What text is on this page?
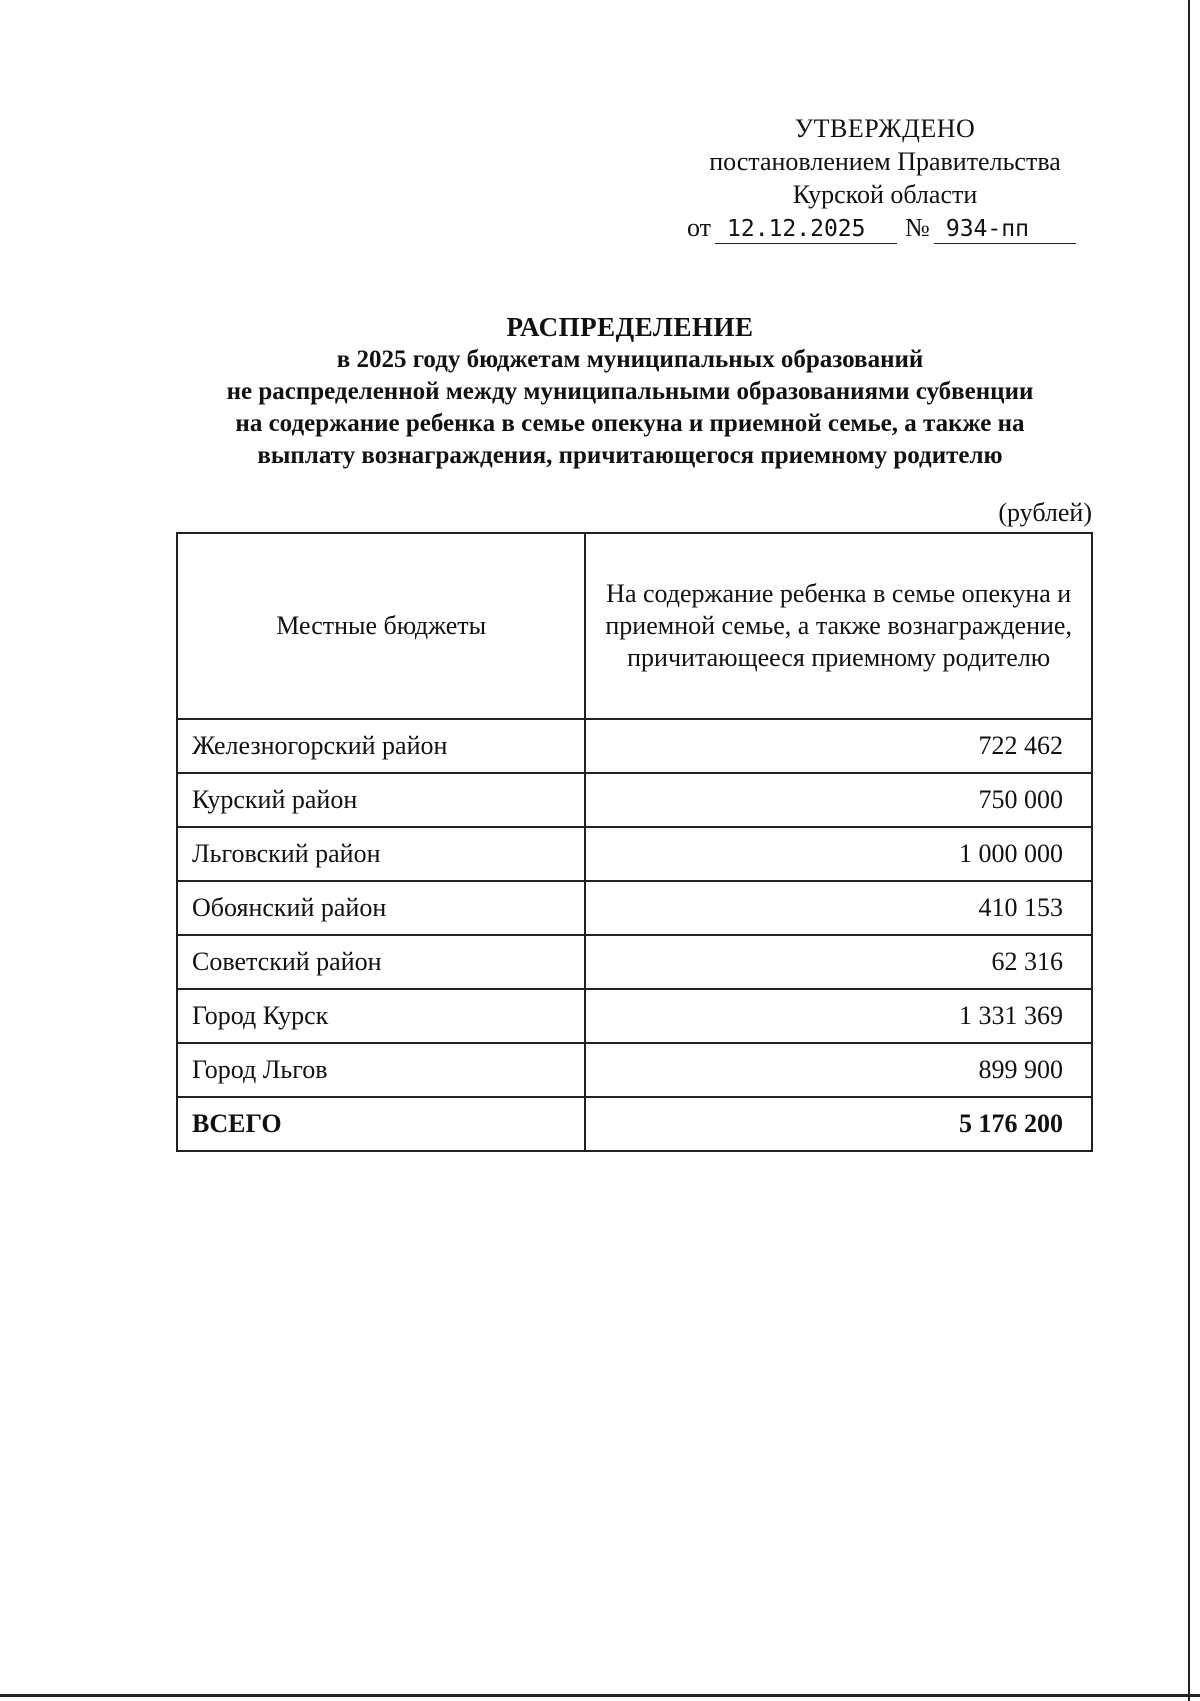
УТВЕРЖДЕНО
постановлением Правительства
Курской области
от 12.12.2025	№ 934-пп
РАСПРЕДЕЛЕНИЕ
в 2025 году бюджетам муниципальных образований
не распределенной между муниципальными образованиями субвенции
на содержание ребенка в семье опекуна и приемной семье, а также на
выплату вознаграждения, причитающегося приемному родителю
(рублей)
Местные бюджеты	На содержание ребенка в семье опекуна и приемной семье, а также вознаграждение, причитающееся приемному родителю
Железногорский район	722 462
Курский район	750 000
Льговский район	1 000 000
Обоянский район	410 153
Советский район	62 316
Город Курск	1 331 369
Город Льгов	899 900
ВСЕГО	5 176 200
